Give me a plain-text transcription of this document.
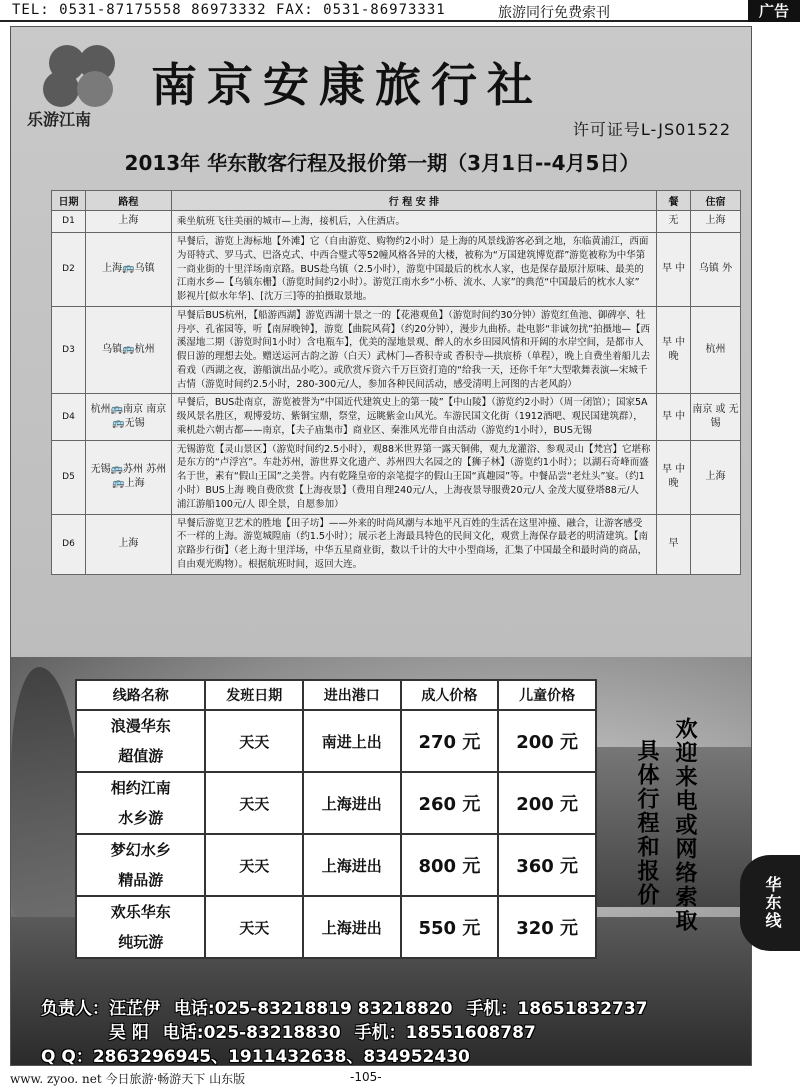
TEL: 0531-87175558 86973332 FAX: 0531-86973331	旅游同行免费索刊	广告
乐游江南
南京安康旅行社
许可证号L-JS01522
2013年 华东散客行程及报价第一期（3月1日--4月5日）
日期	路程	行 程 安 排	餐	住宿
D1	上海	乘坐航班飞往美丽的城市—上海，接机后，入住酒店。	无	上海
D2	上海🚌乌镇	早餐后，游览上海标地【外滩】它（自由游览、购物约2小时）是上海的风景线游客必到之地，东临黄浦江，西面为哥特式、罗马式、巴洛克式、中西合璧式等52幢风格各异的大楼，被称为“万国建筑博览群”游览被称为中华第一商业街的十里洋场南京路。BUS赴乌镇（2.5小时），游览中国最后的枕水人家，也是保存最原汁原味、最美的江南水乡—【乌镇东栅】（游览时间约2小时）。游览江南水乡“小桥、流水、人家”的典范“中国最后的枕水人家” 影视片[似水年华]、[沈万三]等的拍摄取景地。	早 中	乌镇 外
D3	乌镇🚌杭州	早餐后BUS杭州，【船游西湖】游览西湖十景之一的【花港观鱼】（游览时间约30分钟）游览红鱼池、御碑亭、牡丹亭、孔雀园等，听【南屏晚钟】，游览【曲院风荷】（约20分钟），漫步九曲桥。赴电影“非诚勿扰”拍摄地—【西溪湿地二期（游览时间1小时）含电瓶车】，优美的湿地景观、醉人的水乡田园风情和开阔的水岸空间，是都市人假日游的理想去处。赠送运河古韵之游（白天）武林门—香积寺或 香积寺—拱宸桥（单程），晚上自费坐着船儿去看戏（西湖之夜，游船演出品小吃）。或欣赏斥资六千万巨资打造的“给我一天，还你千年”大型歌舞表演—宋城千古情（游览时间约2.5小时，280-300元/人，参加各种民间活动，感受清明上河图的古老风韵）	早 中 晚	杭州
D4	杭州🚌南京 南京🚌无锡	早餐后，BUS赴南京，游览被誉为“中国近代建筑史上的第一陵”【中山陵】（游览约2小时）（周一闭馆）；国家5A级风景名胜区，观博爱坊、紫铜宝鼎，祭堂，远眺紫金山风光。车游民国文化街（1912酒吧、观民国建筑群），乘机赴六朝古都——南京，【夫子庙集市】商业区、秦淮风光带自由活动（游览约1小时），BUS无锡	早 中	南京 或 无锡
D5	无锡🚌苏州 苏州🚌上海	无锡游览【灵山景区】（游览时间约2.5小时），观88米世界第一露天铜佛，观九龙灌浴、参观灵山【梵宫】它堪称是东方的“卢浮宫”。车赴苏州，游世界文化遗产、苏州四大名园之的【狮子林】（游览约1小时）；以湖石奇峰而盛名于世，素有“假山王国”之美誉。内有乾隆皇帝的亲笔提字的假山王国“真趣园”等。中餐品尝“老灶头”宴。（约1小时）BUS上海 晚自费欣赏【上海夜景】（费用自理240元/人，上海夜景导服费20元/人 金茂大厦登塔88元/人 浦江游船100元/人 即全景，自愿参加）	早 中 晚	上海
D6	上海	早餐后游览卫艺术的胜地【田子坊】——外来的时尚风潮与本地平凡百姓的生活在这里冲撞、融合，让游客感受不一样的上海。游览城隍庙（约1.5小时）；展示老上海最具特色的民间文化，观赏上海保存最老的明清建筑。【南京路步行街】（老上海十里洋场，中华五星商业街，数以千计的大中小型商场，汇集了中国最全和最时尚的商品，自由观光购物）。根据航班时间，返回大连。	早	
线路名称	发班日期	进出港口	成人价格	儿童价格

浪漫华东
超值游	天天	南进上出	270 元	200 元

相约江南
水乡游	天天	上海进出	260 元	200 元

梦幻水乡
精品游	天天	上海进出	800 元	360 元

欢乐华东
纯玩游	天天	上海进出	550 元	320 元	欢迎来电或网络索取
具体行程和报价
负责人：汪芷伊 电话:025-83218819 83218820 手机：18651832737
吴 阳 电话:025-83218830 手机：18551608787
Q Q：2863296945、1911432638、834952430
华东线
www. zyoo. net 今日旅游·畅游天下 山东版	-105-
